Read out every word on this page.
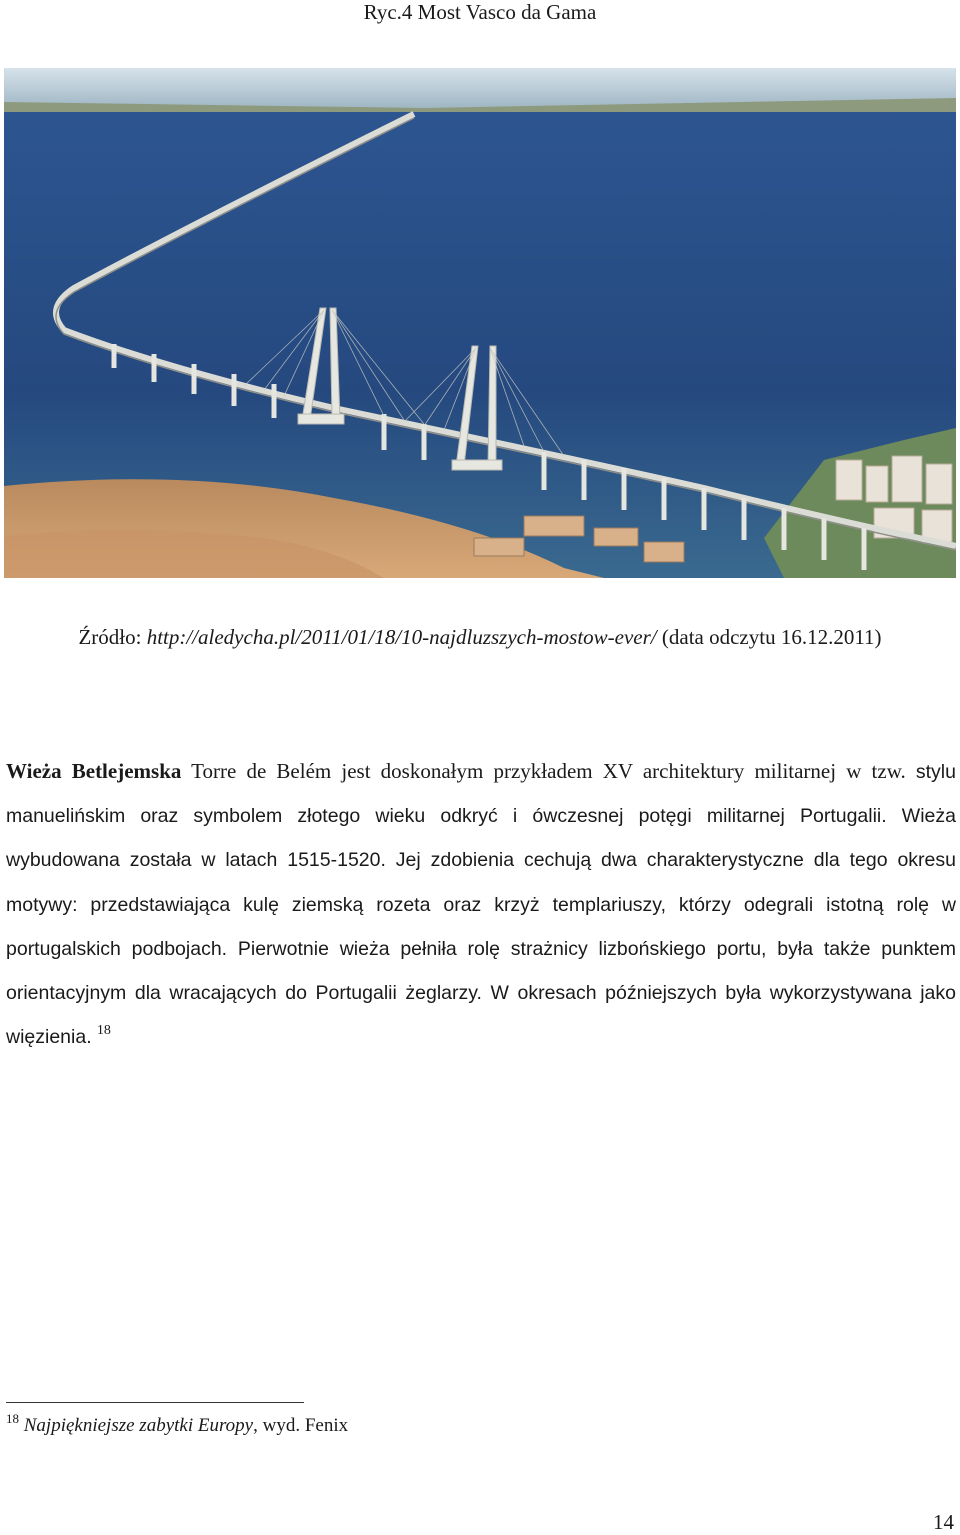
Ryc.4 Most Vasco da Gama
Źródło: http://aledycha.pl/2011/01/18/10-najdluzszych-mostow-ever/ (data odczytu 16.12.2011)
Wieża Betlejemska Torre de Belém jest doskonałym przykładem XV architektury militarnej w tzw. stylu manuelińskim oraz symbolem złotego wieku odkryć i ówczesnej potęgi militarnej Portugalii. Wieża wybudowana została w latach 1515-1520. Jej zdobienia cechują dwa charakterystyczne dla tego okresu motywy: przedstawiająca kulę ziemską rozeta oraz krzyż templariuszy, którzy odegrali istotną rolę w portugalskich podbojach. Pierwotnie wieża pełniła rolę strażnicy lizbońskiego portu, była także punktem orientacyjnym dla wracających do Portugalii żeglarzy. W okresach późniejszych była wykorzystywana jako więzienia. $^{18}$
$^{18}$ Najpiękniejsze zabytki Europy, wyd. Fenix
14
